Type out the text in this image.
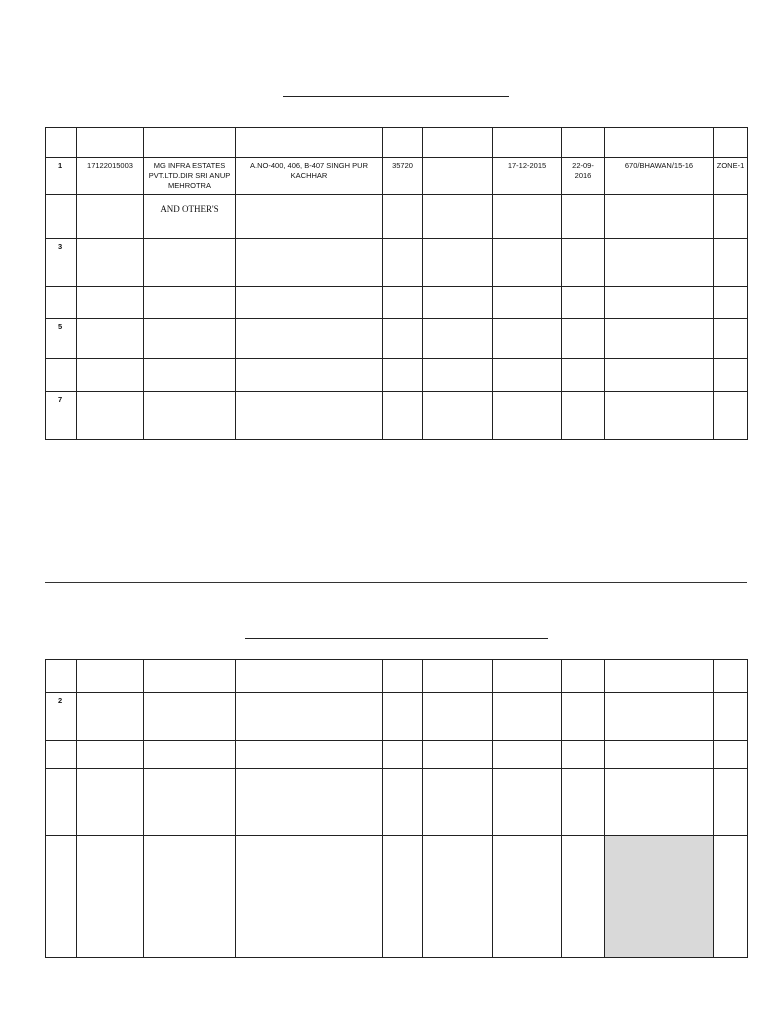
1	17122015003	MG INFRA ESTATES PVT.LTD.DIR SRI ANUP MEHROTRA	A.NO-400, 406, B-407 SINGH PUR KACHHAR	35720		17-12-2015	22-09-2016	670/BHAWAN/15-16	ZONE-1
		AND OTHER'S							
3									

5									

7									

2									
